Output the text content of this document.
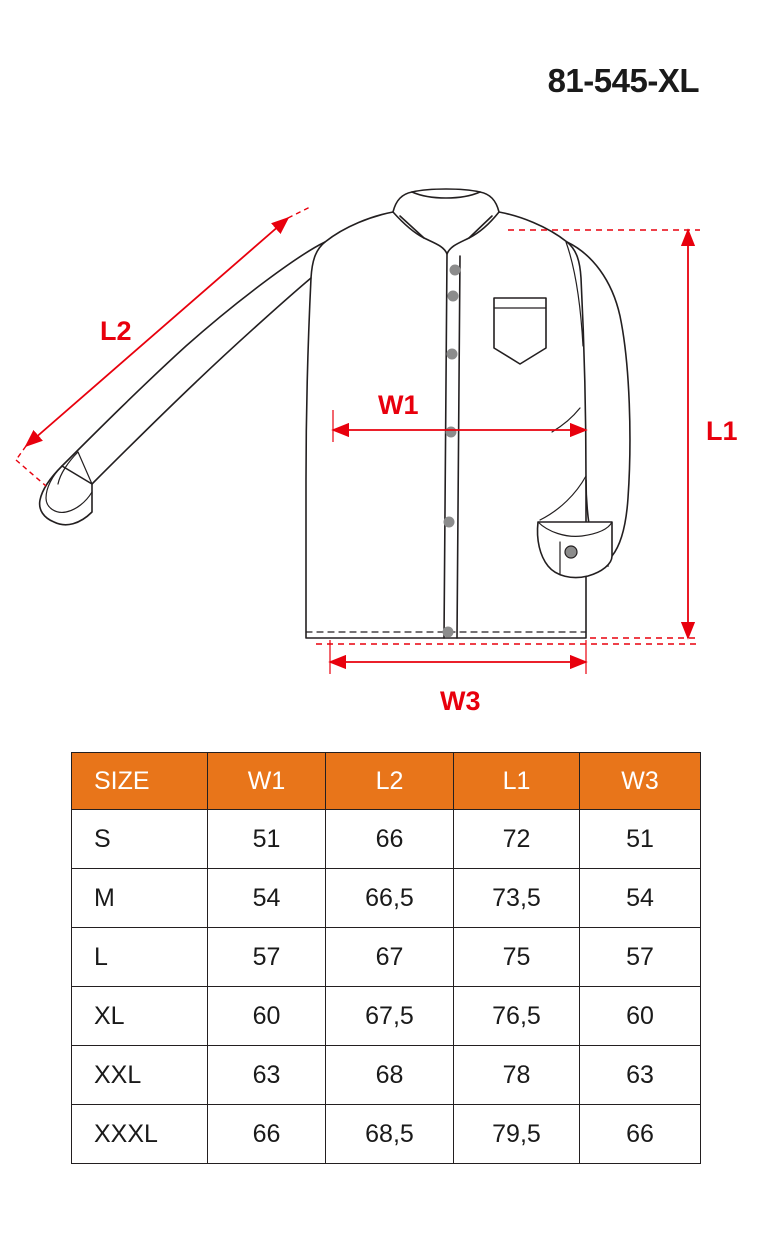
81-545-XL
L2
W1
L1
W3
SIZE	W1	L2	L1	W3
S	51	66	72	51
M	54	66,5	73,5	54
L	57	67	75	57
XL	60	67,5	76,5	60
XXL	63	68	78	63
XXXL	66	68,5	79,5	66
